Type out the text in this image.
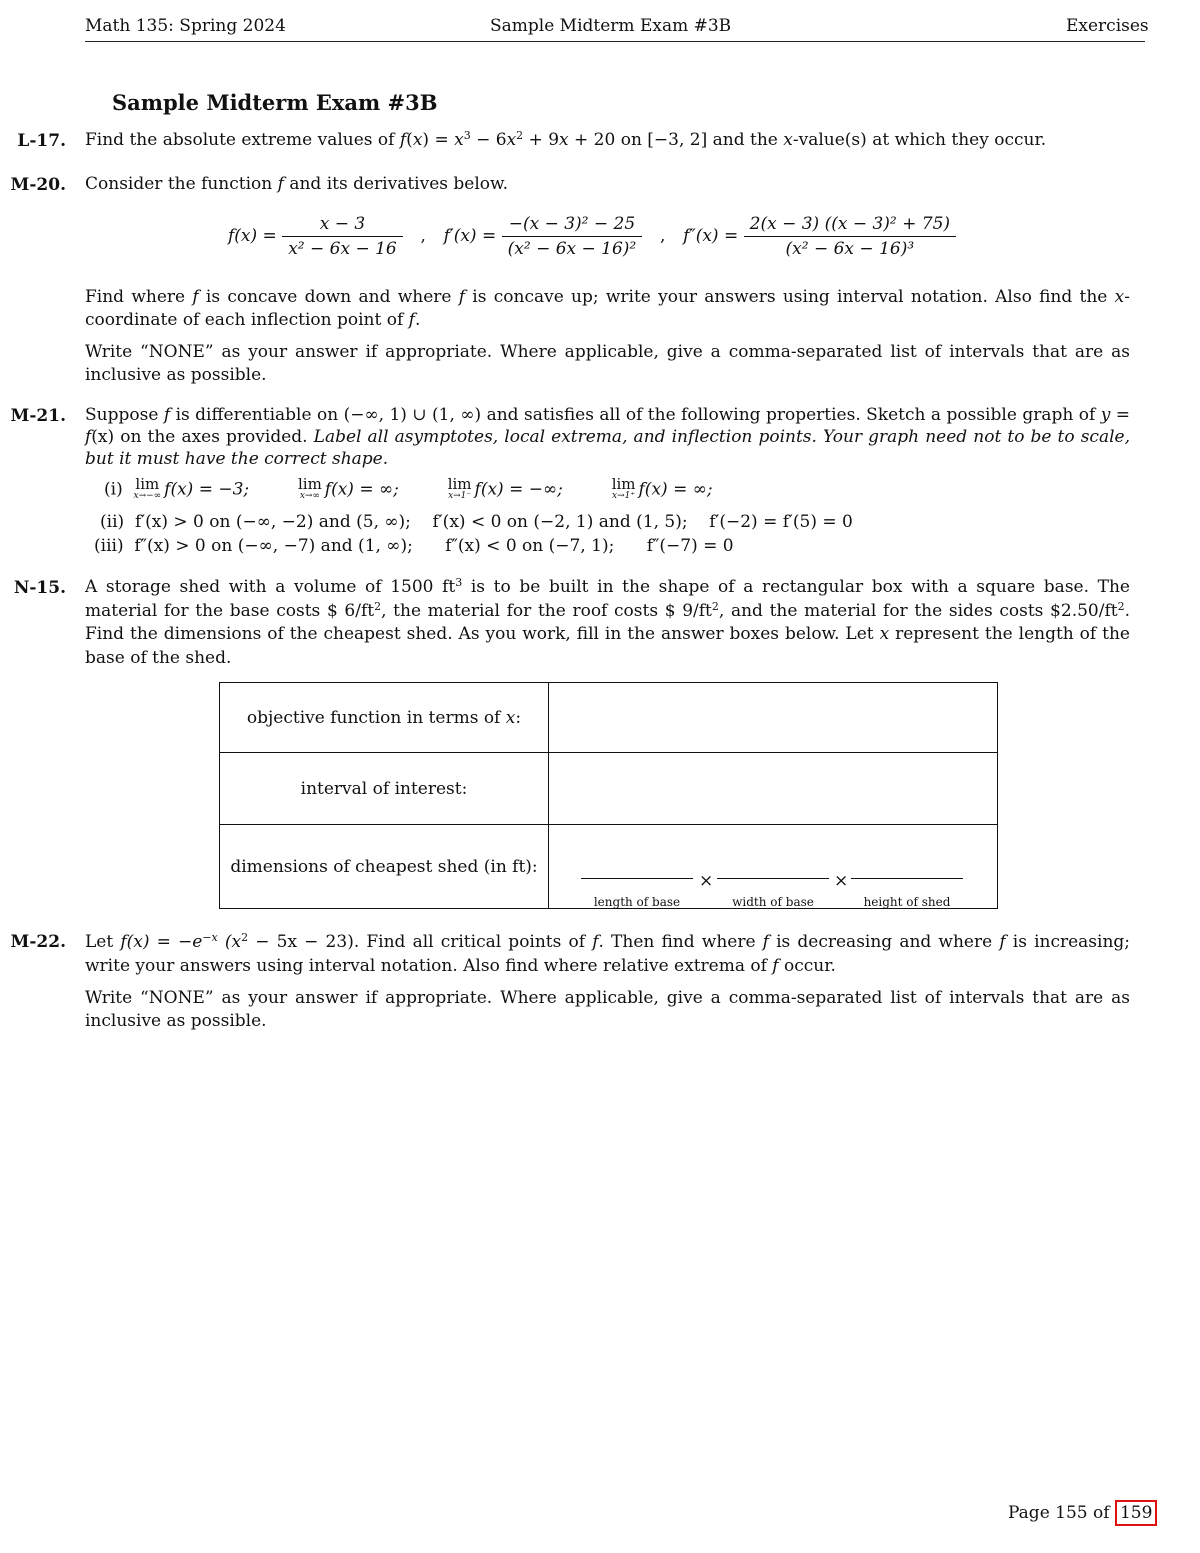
Math 135: Spring 2024	Sample Midterm Exam #3B	Exercises
Sample Midterm Exam #3B
L-17. Find the absolute extreme values of $f(x) = x^3 - 6x^2 + 9x + 20$ on [−3, 2] and the x-value(s) at which they occur.
M-20. Consider the function f and its derivatives below.
$f(x) = \frac{x - 3}{\text{x² − 6x − 16}}$ , $f'(x) = \frac{\text{−(x − 3)² − 25}}{\text{(x² − 6x − 16)²}}$ , $f''(x) = \frac{\text{2(x − 3) ((x − 3)² + 75)}}{\text{(x² − 6x − 16)³}}$
Find where f is concave down and where f is concave up; write your answers using interval notation. Also find the x-coordinate of each inflection point of f.
Write “NONE” as your answer if appropriate. Where applicable, give a comma-separated list of intervals that are as inclusive as possible.
M-21. Suppose f is differentiable on (−∞, 1) ∪ (1, ∞) and satisfies all of the following properties. Sketch a possible graph of y = f(x) on the axes provided. Label all asymptotes, local extrema, and inflection points. Your graph need not to be to scale, but it must have the correct shape.
(i) lim
x→−∞ f(x) = −3;	lim
x→∞ f(x) = ∞;	lim
x→1⁻ f(x) = −∞;	lim
x→1⁺ f(x) = ∞;
(ii) f′(x) > 0 on (−∞, −2) and (5, ∞); f′(x) < 0 on (−2, 1) and (1, 5); f′(−2) = f′(5) = 0
(iii) f″(x) > 0 on (−∞, −7) and (1, ∞); f″(x) < 0 on (−7, 1); f″(−7) = 0
N-15. A storage shed with a volume of 1500 $ft^3$ is to be built in the shape of a rectangular box with a square base. The material for the base costs $ $6/ft^2$, the material for the roof costs $ $9/ft^2$, and the material for the sides costs $\$2.50/ft^2$. Find the dimensions of the cheapest shed. As you work, fill in the answer boxes below. Let x represent the length of the base of the shed.
objective function in terms of x:	
interval of interest:	
dimensions of cheapest shed (in ft):	length of base
×
width of base
×
height of shed
M-22. Let $f(x) = -e^{-x}$ $(x^2 - 5x - 23)$. Find all critical points of f. Then find where f is decreasing and where f is increasing; write your answers using interval notation. Also find where relative extrema of f occur.
Write “NONE” as your answer if appropriate. Where applicable, give a comma-separated list of intervals that are as inclusive as possible.
Page 155 of 159
